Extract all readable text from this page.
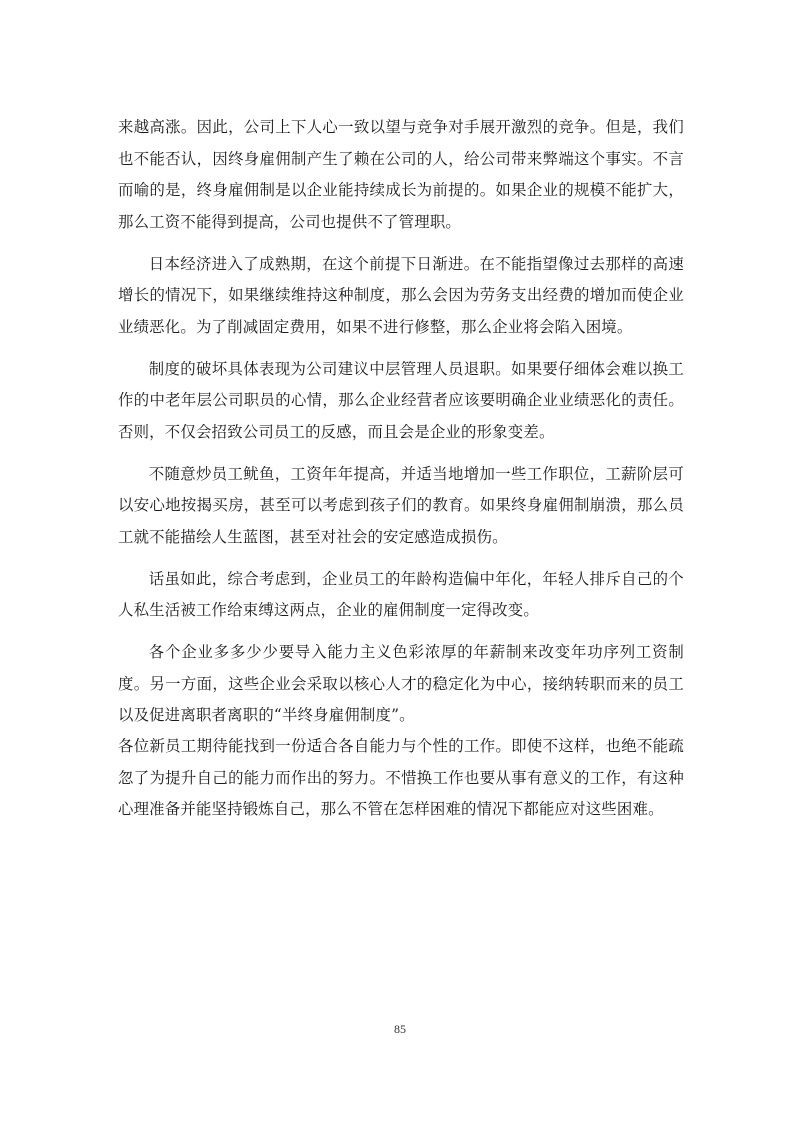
来越高涨。因此，公司上下人心一致以望与竞争对手展开激烈的竞争。但是，我们也不能否认，因终身雇佣制产生了赖在公司的人，给公司带来弊端这个事实。不言而喻的是，终身雇佣制是以企业能持续成长为前提的。如果企业的规模不能扩大，那么工资不能得到提高，公司也提供不了管理职。

日本经济进入了成熟期，在这个前提下日渐进。在不能指望像过去那样的高速增长的情况下，如果继续维持这种制度，那么会因为劳务支出经费的增加而使企业业绩恶化。为了削减固定费用，如果不进行修整，那么企业将会陷入困境。

制度的破坏具体表现为公司建议中层管理人员退职。如果要仔细体会难以换工作的中老年层公司职员的心情，那么企业经营者应该要明确企业业绩恶化的责任。否则，不仅会招致公司员工的反感，而且会是企业的形象变差。

不随意炒员工鱿鱼，工资年年提高，并适当地增加一些工作职位，工薪阶层可以安心地按揭买房，甚至可以考虑到孩子们的教育。如果终身雇佣制崩溃，那么员工就不能描绘人生蓝图，甚至对社会的安定感造成损伤。

话虽如此，综合考虑到，企业员工的年龄构造偏中年化，年轻人排斥自己的个人私生活被工作给束缚这两点，企业的雇佣制度一定得改变。

各个企业多多少少要导入能力主义色彩浓厚的年薪制来改变年功序列工资制度。另一方面，这些企业会采取以核心人才的稳定化为中心，接纳转职而来的员工以及促进离职者离职的“半终身雇佣制度”。

各位新员工期待能找到一份适合各自能力与个性的工作。即使不这样，也绝不能疏忽了为提升自己的能力而作出的努力。不惜换工作也要从事有意义的工作，有这种心理准备并能坚持锻炼自己，那么不管在怎样困难的情况下都能应对这些困难。

85
